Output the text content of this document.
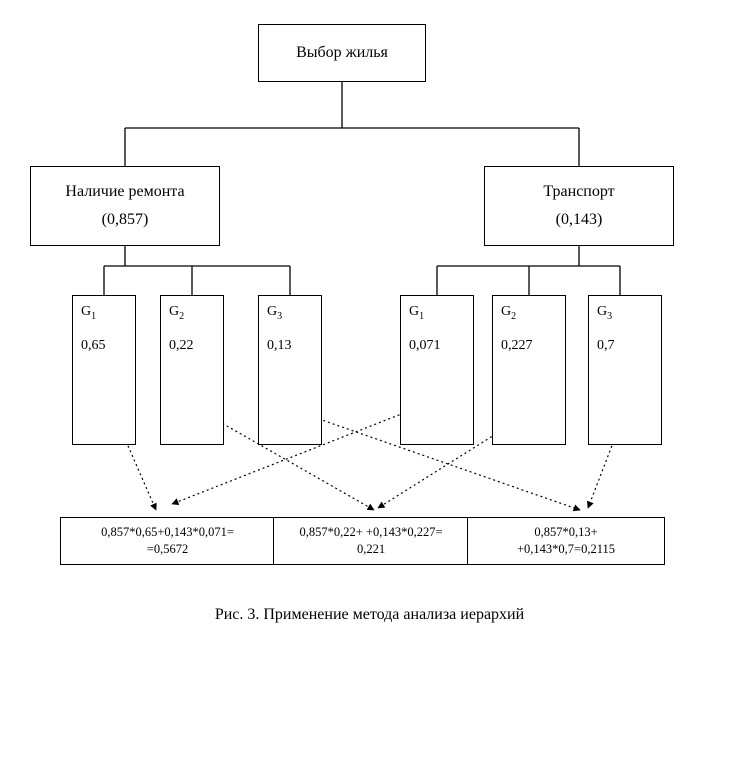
Выбор жилья
Наличие ремонта
(0,857)
Транспорт
(0,143)
$G_1$
0,65
$G_2$
0,22
$G_3$
0,13
$G_1$
0,071
$G_2$
0,227
$G_3$
0,7
0,857*0,65+0,143*0,071=
=0,5672
0,857*0,22+ +0,143*0,227=
0,221
0,857*0,13+
+0,143*0,7=0,2115
Рис. 3. Применение метода анализа иерархий
